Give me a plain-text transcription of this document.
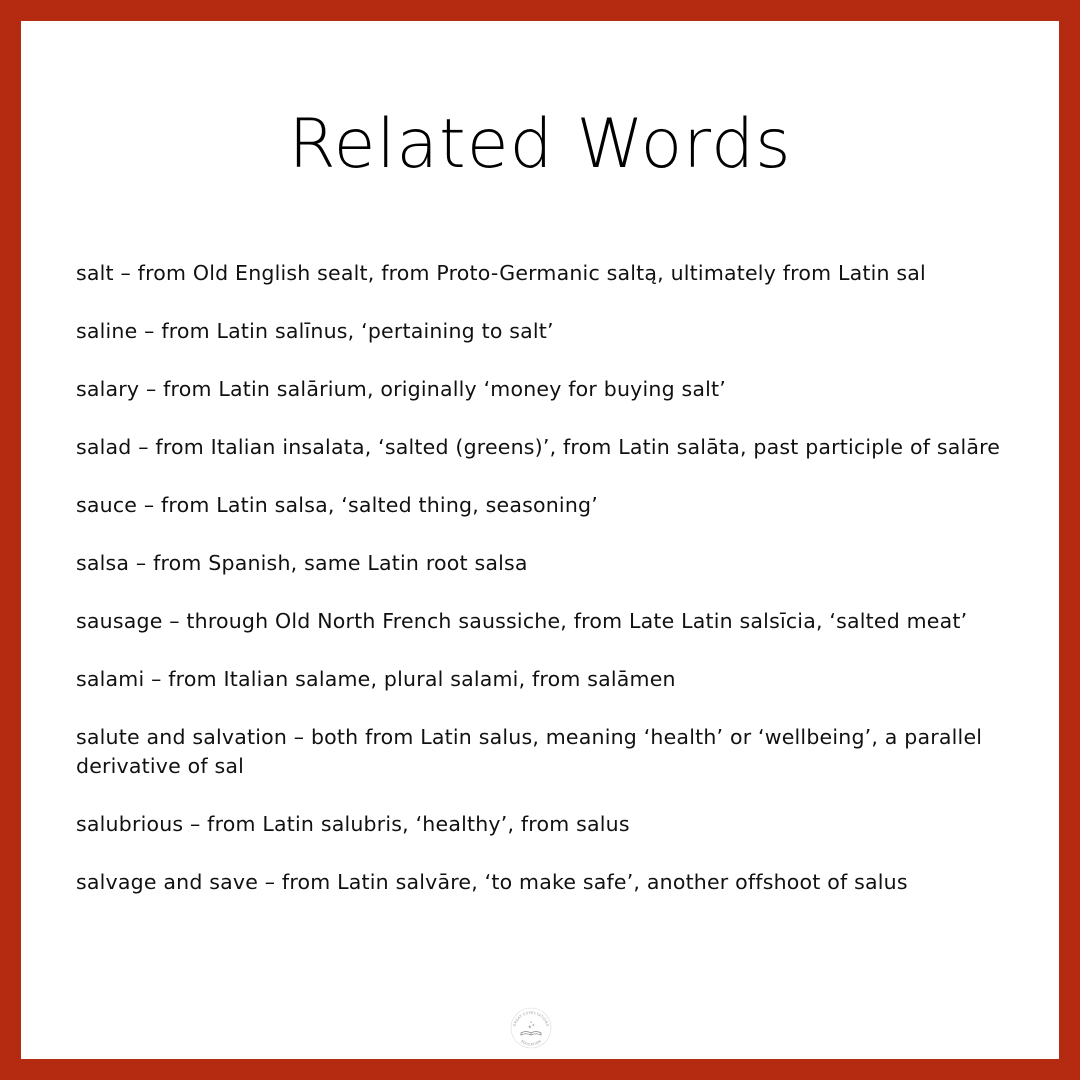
Related Words

salt – from Old English sealt, from Proto-Germanic saltą, ultimately from Latin sal

saline – from Latin salīnus, ‘pertaining to salt’

salary – from Latin salārium, originally ‘money for buying salt’

salad – from Italian insalata, ‘salted (greens)’, from Latin salāta, past participle of salāre

sauce – from Latin salsa, ‘salted thing, seasoning’

salsa – from Spanish, same Latin root salsa

sausage – through Old North French saussiche, from Late Latin salsīcia, ‘salted meat’

salami – from Italian salame, plural salami, from salāmen

salute and salvation – both from Latin salus, meaning ‘health’ or ‘wellbeing’, a parallel derivative of sal

salubrious – from Latin salubris, ‘healthy’, from salus

salvage and save – from Latin salvāre, ‘to make safe’, another offshoot of salus

GREAT EXPECTATIONS
EDUCATION
★ ★
★
